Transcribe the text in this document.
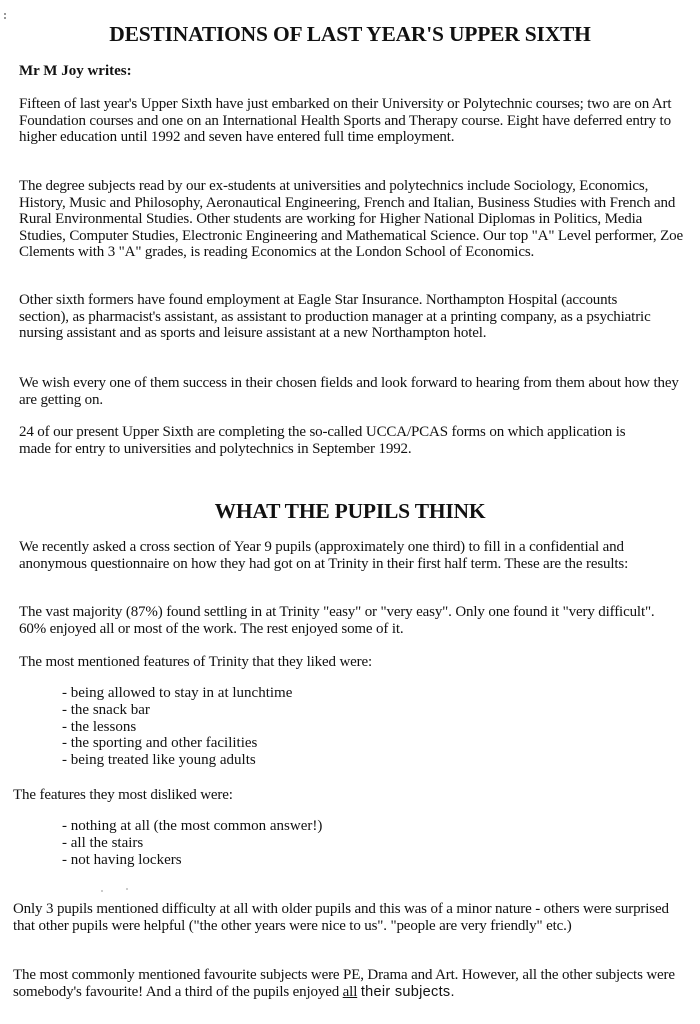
DESTINATIONS OF LAST YEAR'S UPPER SIXTH

Mr M Joy writes:

Fifteen of last year's Upper Sixth have just embarked on their University or Polytechnic courses; two are on Art Foundation courses and one on an International Health Sports and Therapy course. Eight have deferred entry to higher education until 1992 and seven have entered full time employment.

The degree subjects read by our ex-students at universities and polytechnics include Sociology, Economics, History, Music and Philosophy, Aeronautical Engineering, French and Italian, Business Studies with French and Rural Environmental Studies. Other students are working for Higher National Diplomas in Politics, Media Studies, Computer Studies, Electronic Engineering and Mathematical Science. Our top "A" Level performer, Zoe Clements with 3 "A" grades, is reading Economics at the London School of Economics.

Other sixth formers have found employment at Eagle Star Insurance. Northampton Hospital (accounts section), as pharmacist's assistant, as assistant to production manager at a printing company, as a psychiatric nursing assistant and as sports and leisure assistant at a new Northampton hotel.

We wish every one of them success in their chosen fields and look forward to hearing from them about how they are getting on.

24 of our present Upper Sixth are completing the so-called UCCA/PCAS forms on which application is made for entry to universities and polytechnics in September 1992.

WHAT THE PUPILS THINK

We recently asked a cross section of Year 9 pupils (approximately one third) to fill in a confidential and anonymous questionnaire on how they had got on at Trinity in their first half term. These are the results:

The vast majority (87%) found settling in at Trinity "easy" or "very easy". Only one found it "very difficult". 60% enjoyed all or most of the work. The rest enjoyed some of it.

The most mentioned features of Trinity that they liked were:

- being allowed to stay in at lunchtime
- the snack bar
- the lessons
- the sporting and other facilities
- being treated like young adults

The features they most disliked were:

- nothing at all (the most common answer!)
- all the stairs
- not having lockers

Only 3 pupils mentioned difficulty at all with older pupils and this was of a minor nature - others were surprised that other pupils were helpful ("the other years were nice to us". "people are very friendly" etc.)

The most commonly mentioned favourite subjects were PE, Drama and Art. However, all the other subjects were somebody's favourite! And a third of the pupils enjoyed all their subjects.
